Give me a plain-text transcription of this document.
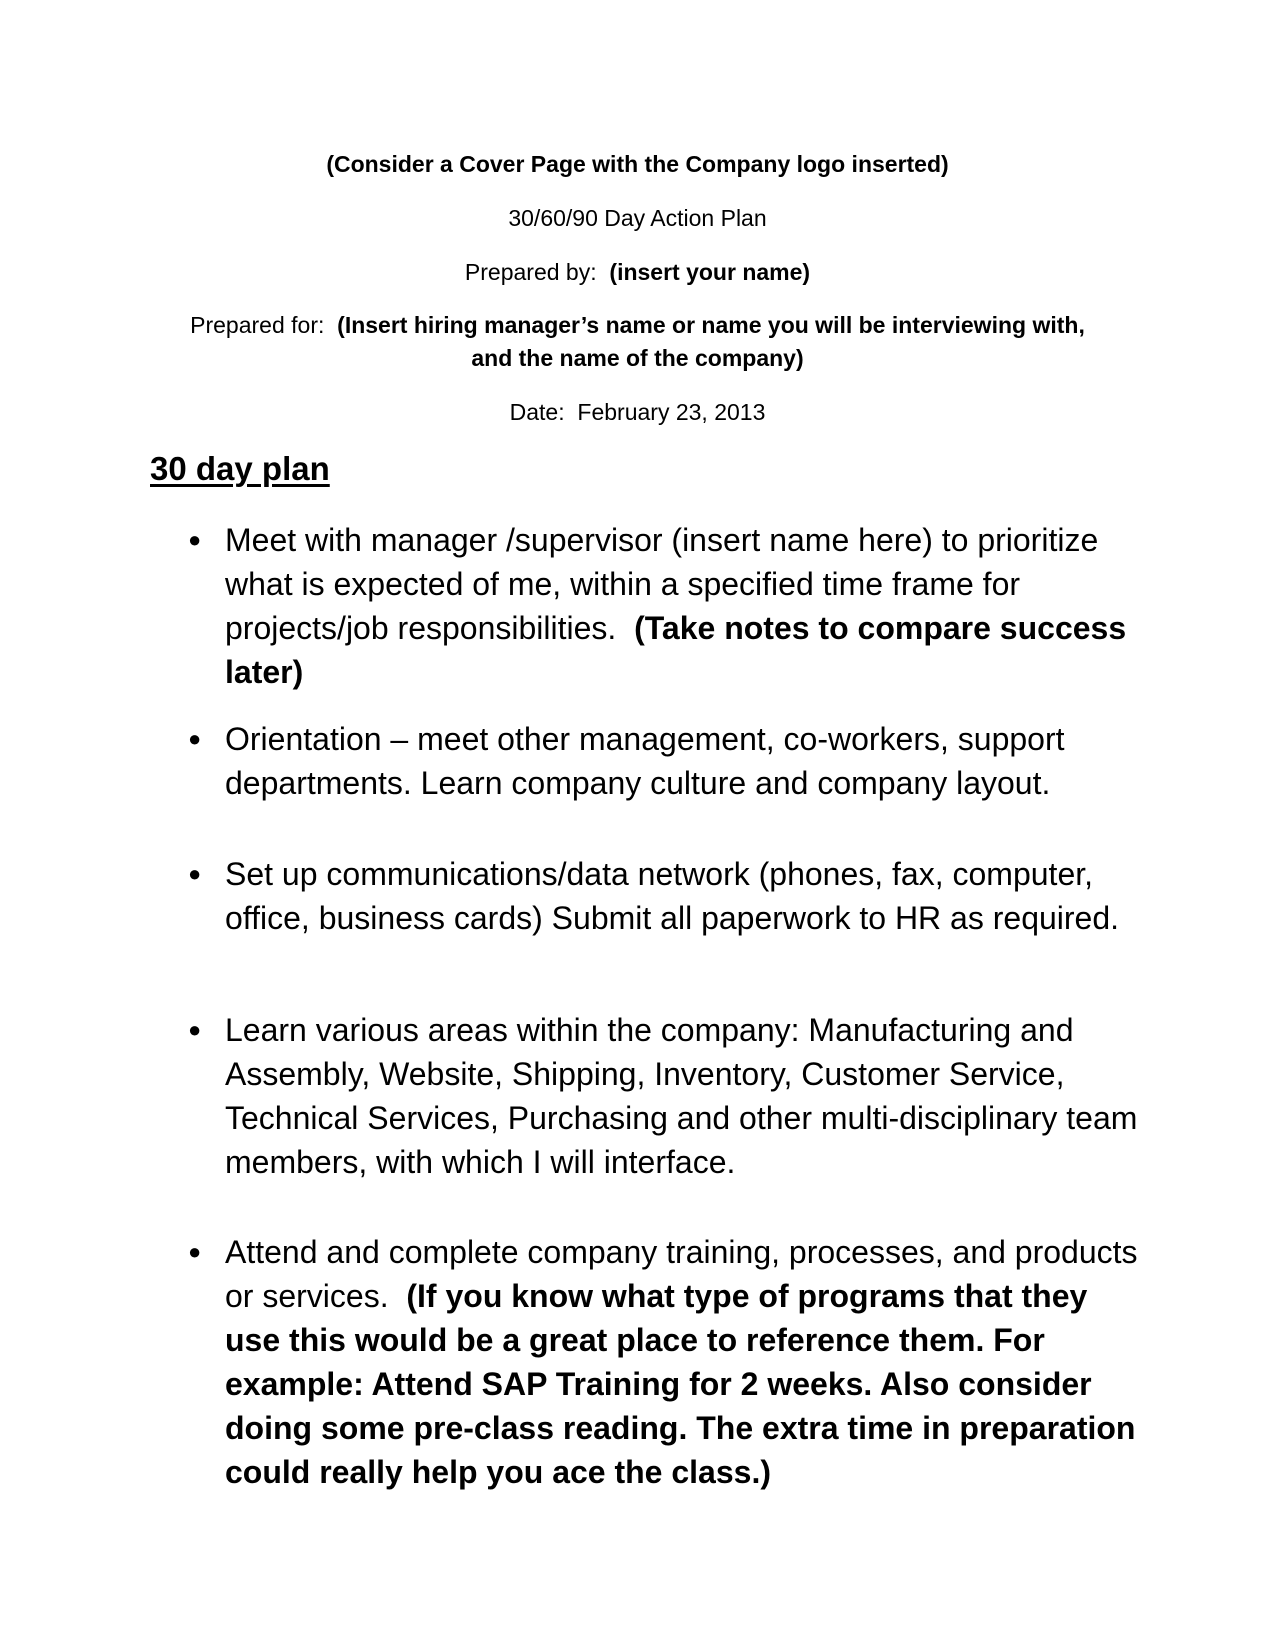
(Consider a Cover Page with the Company logo inserted)
30/60/90 Day Action Plan
Prepared by: (insert your name)
Prepared for: (Insert hiring manager’s name or name you will be interviewing with,
and the name of the company)
Date: February 23, 2013
30 day plan
● Meet with manager /supervisor (insert name here) to prioritize what is expected of me, within a specified time frame for projects/job responsibilities. (Take notes to compare success later)
● Orientation – meet other management, co-workers, support departments. Learn company culture and company layout.
● Set up communications/data network (phones, fax, computer, office, business cards) Submit all paperwork to HR as required.
● Learn various areas within the company: Manufacturing and Assembly, Website, Shipping, Inventory, Customer Service, Technical Services, Purchasing and other multi-disciplinary team members, with which I will interface.
● Attend and complete company training, processes, and products or services. (If you know what type of programs that they use this would be a great place to reference them. For example: Attend SAP Training for 2 weeks. Also consider doing some pre-class reading. The extra time in preparation could really help you ace the class.)
